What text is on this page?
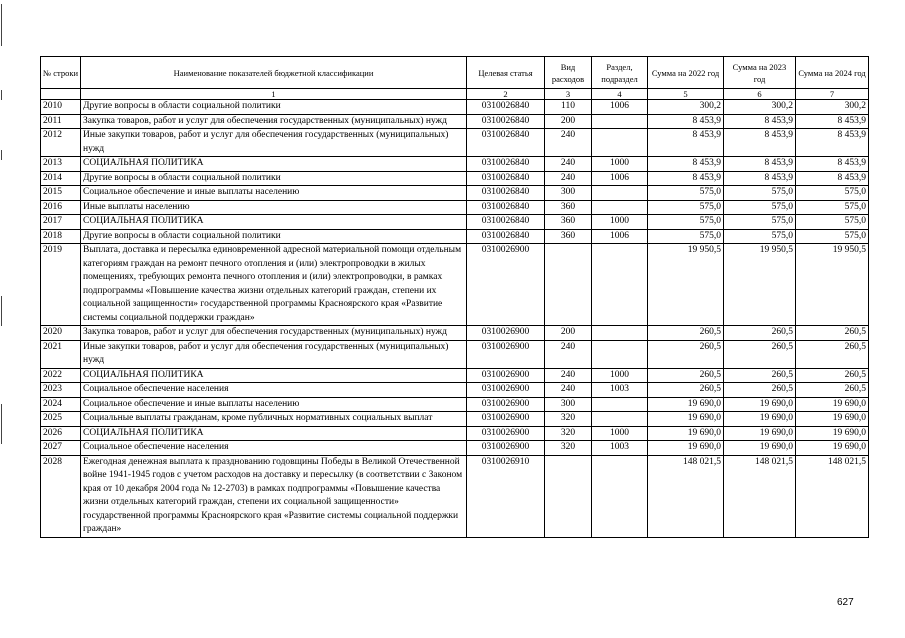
№ строки	Наименование показателей бюджетной классификации	Целевая статья	Вид расходов	Раздел, подраздел	Сумма на 2022 год	Сумма на 2023 год	Сумма на 2024 год
	1	2	3	4	5	6	7
2010	Другие вопросы в области социальной политики	0310026840	110	1006	300,2	300,2	300,2
2011	Закупка товаров, работ и услуг для обеспечения государственных (муниципальных) нужд	0310026840	200		8 453,9	8 453,9	8 453,9
2012	Иные закупки товаров, работ и услуг для обеспечения государственных (муниципальных) нужд	0310026840	240		8 453,9	8 453,9	8 453,9
2013	СОЦИАЛЬНАЯ ПОЛИТИКА	0310026840	240	1000	8 453,9	8 453,9	8 453,9
2014	Другие вопросы в области социальной политики	0310026840	240	1006	8 453,9	8 453,9	8 453,9
2015	Социальное обеспечение и иные выплаты населению	0310026840	300		575,0	575,0	575,0
2016	Иные выплаты населению	0310026840	360		575,0	575,0	575,0
2017	СОЦИАЛЬНАЯ ПОЛИТИКА	0310026840	360	1000	575,0	575,0	575,0
2018	Другие вопросы в области социальной политики	0310026840	360	1006	575,0	575,0	575,0
2019	Выплата, доставка и пересылка единовременной адресной материальной помощи отдельным категориям граждан на ремонт печного отопления и (или) электропроводки в жилых помещениях, требующих ремонта печного отопления и (или) электропроводки, в рамках подпрограммы «Повышение качества жизни отдельных категорий граждан, степени их социальной защищенности» государственной программы Красноярского края «Развитие системы социальной поддержки граждан»	0310026900			19 950,5	19 950,5	19 950,5
2020	Закупка товаров, работ и услуг для обеспечения государственных (муниципальных) нужд	0310026900	200		260,5	260,5	260,5
2021	Иные закупки товаров, работ и услуг для обеспечения государственных (муниципальных) нужд	0310026900	240		260,5	260,5	260,5
2022	СОЦИАЛЬНАЯ ПОЛИТИКА	0310026900	240	1000	260,5	260,5	260,5
2023	Социальное обеспечение населения	0310026900	240	1003	260,5	260,5	260,5
2024	Социальное обеспечение и иные выплаты населению	0310026900	300		19 690,0	19 690,0	19 690,0
2025	Социальные выплаты гражданам, кроме публичных нормативных социальных выплат	0310026900	320		19 690,0	19 690,0	19 690,0
2026	СОЦИАЛЬНАЯ ПОЛИТИКА	0310026900	320	1000	19 690,0	19 690,0	19 690,0
2027	Социальное обеспечение населения	0310026900	320	1003	19 690,0	19 690,0	19 690,0
2028	Ежегодная денежная выплата к празднованию годовщины Победы в Великой Отечественной войне 1941-1945 годов с учетом расходов на доставку и пересылку (в соответствии с Законом края от 10 декабря 2004 года № 12-2703) в рамках подпрограммы «Повышение качества жизни отдельных категорий граждан, степени их социальной защищенности» государственной программы Красноярского края «Развитие системы социальной поддержки граждан»	0310026910			148 021,5	148 021,5	148 021,5
627
